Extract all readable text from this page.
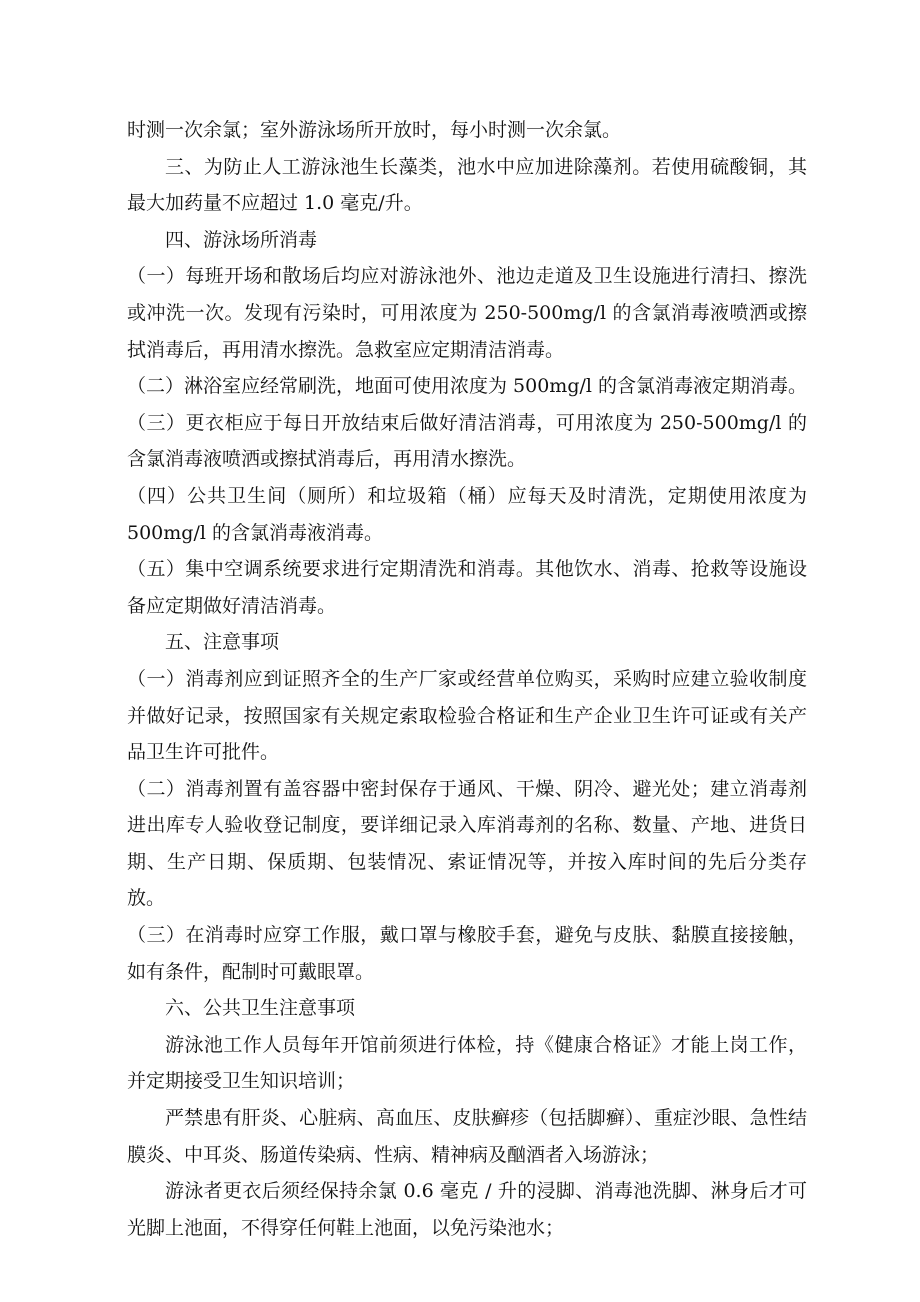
时测一次余氯；室外游泳场所开放时，每小时测一次余氯。

三、为防止人工游泳池生长藻类，池水中应加进除藻剂。若使用硫酸铜，其最大加药量不应超过 1.0 毫克/升。

四、游泳场所消毒

（一）每班开场和散场后均应对游泳池外、池边走道及卫生设施进行清扫、擦洗或冲洗一次。发现有污染时，可用浓度为 250-500mg/l 的含氯消毒液喷洒或擦拭消毒后，再用清水擦洗。急救室应定期清洁消毒。

（二）淋浴室应经常刷洗，地面可使用浓度为 500mg/l 的含氯消毒液定期消毒。

（三）更衣柜应于每日开放结束后做好清洁消毒，可用浓度为 250-500mg/l 的含氯消毒液喷洒或擦拭消毒后，再用清水擦洗。

（四）公共卫生间（厕所）和垃圾箱（桶）应每天及时清洗，定期使用浓度为 500mg/l 的含氯消毒液消毒。

（五）集中空调系统要求进行定期清洗和消毒。其他饮水、消毒、抢救等设施设备应定期做好清洁消毒。

五、注意事项

（一）消毒剂应到证照齐全的生产厂家或经营单位购买，采购时应建立验收制度并做好记录，按照国家有关规定索取检验合格证和生产企业卫生许可证或有关产品卫生许可批件。

（二）消毒剂置有盖容器中密封保存于通风、干燥、阴冷、避光处；建立消毒剂进出库专人验收登记制度，要详细记录入库消毒剂的名称、数量、产地、进货日期、生产日期、保质期、包装情况、索证情况等，并按入库时间的先后分类存放。

（三）在消毒时应穿工作服，戴口罩与橡胶手套，避免与皮肤、黏膜直接接触，如有条件，配制时可戴眼罩。

六、公共卫生注意事项

游泳池工作人员每年开馆前须进行体检，持《健康合格证》才能上岗工作，并定期接受卫生知识培训；

严禁患有肝炎、心脏病、高血压、皮肤癣疹（包括脚癣）、重症沙眼、急性结膜炎、中耳炎、肠道传染病、性病、精神病及酗酒者入场游泳；

游泳者更衣后须经保持余氯 0.6 毫克 / 升的浸脚、消毒池洗脚、淋身后才可光脚上池面，不得穿任何鞋上池面，以免污染池水；
